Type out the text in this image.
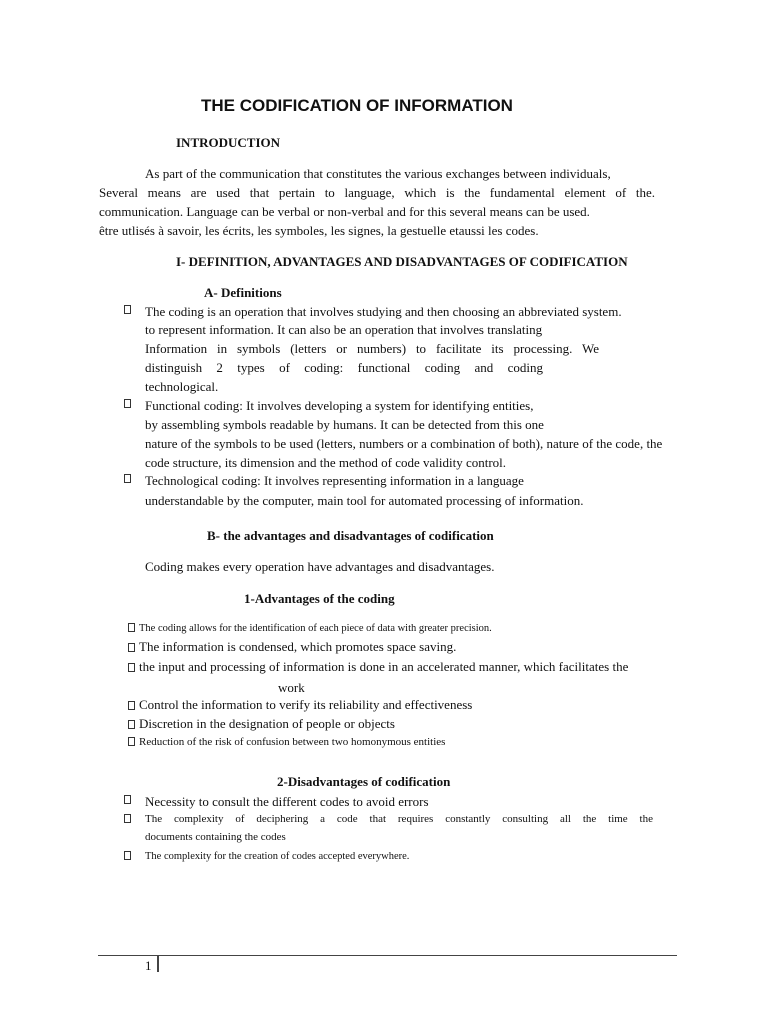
THE CODIFICATION OF INFORMATION
INTRODUCTION
As part of the communication that constitutes the various exchanges between individuals,
Several means are used that pertain to language, which is the fundamental element of the.
communication. Language can be verbal or non-verbal and for this several means can be used.
être utlisés à savoir, les écrits, les symboles, les signes, la gestuelle etaussi les codes.
I- DEFINITION, ADVANTAGES AND DISADVANTAGES OF CODIFICATION
A- Definitions
The coding is an operation that involves studying and then choosing an abbreviated system.
to represent information. It can also be an operation that involves translating
Information in symbols (letters or numbers) to facilitate its processing. We
distinguish 2 types of coding: functional coding and coding
technological.
Functional coding: It involves developing a system for identifying entities,
by assembling symbols readable by humans. It can be detected from this one
nature of the symbols to be used (letters, numbers or a combination of both), nature of the code, the
code structure, its dimension and the method of code validity control.
Technological coding: It involves representing information in a language
understandable by the computer, main tool for automated processing of information.
B- the advantages and disadvantages of codification
Coding makes every operation have advantages and disadvantages.
1-Advantages of the coding
The coding allows for the identification of each piece of data with greater precision.
The information is condensed, which promotes space saving.
the input and processing of information is done in an accelerated manner, which facilitates the
work
Control the information to verify its reliability and effectiveness
Discretion in the designation of people or objects
Reduction of the risk of confusion between two homonymous entities
2-Disadvantages of codification
Necessity to consult the different codes to avoid errors
The complexity of deciphering a code that requires constantly consulting all the time the
documents containing the codes
The complexity for the creation of codes accepted everywhere.
1
